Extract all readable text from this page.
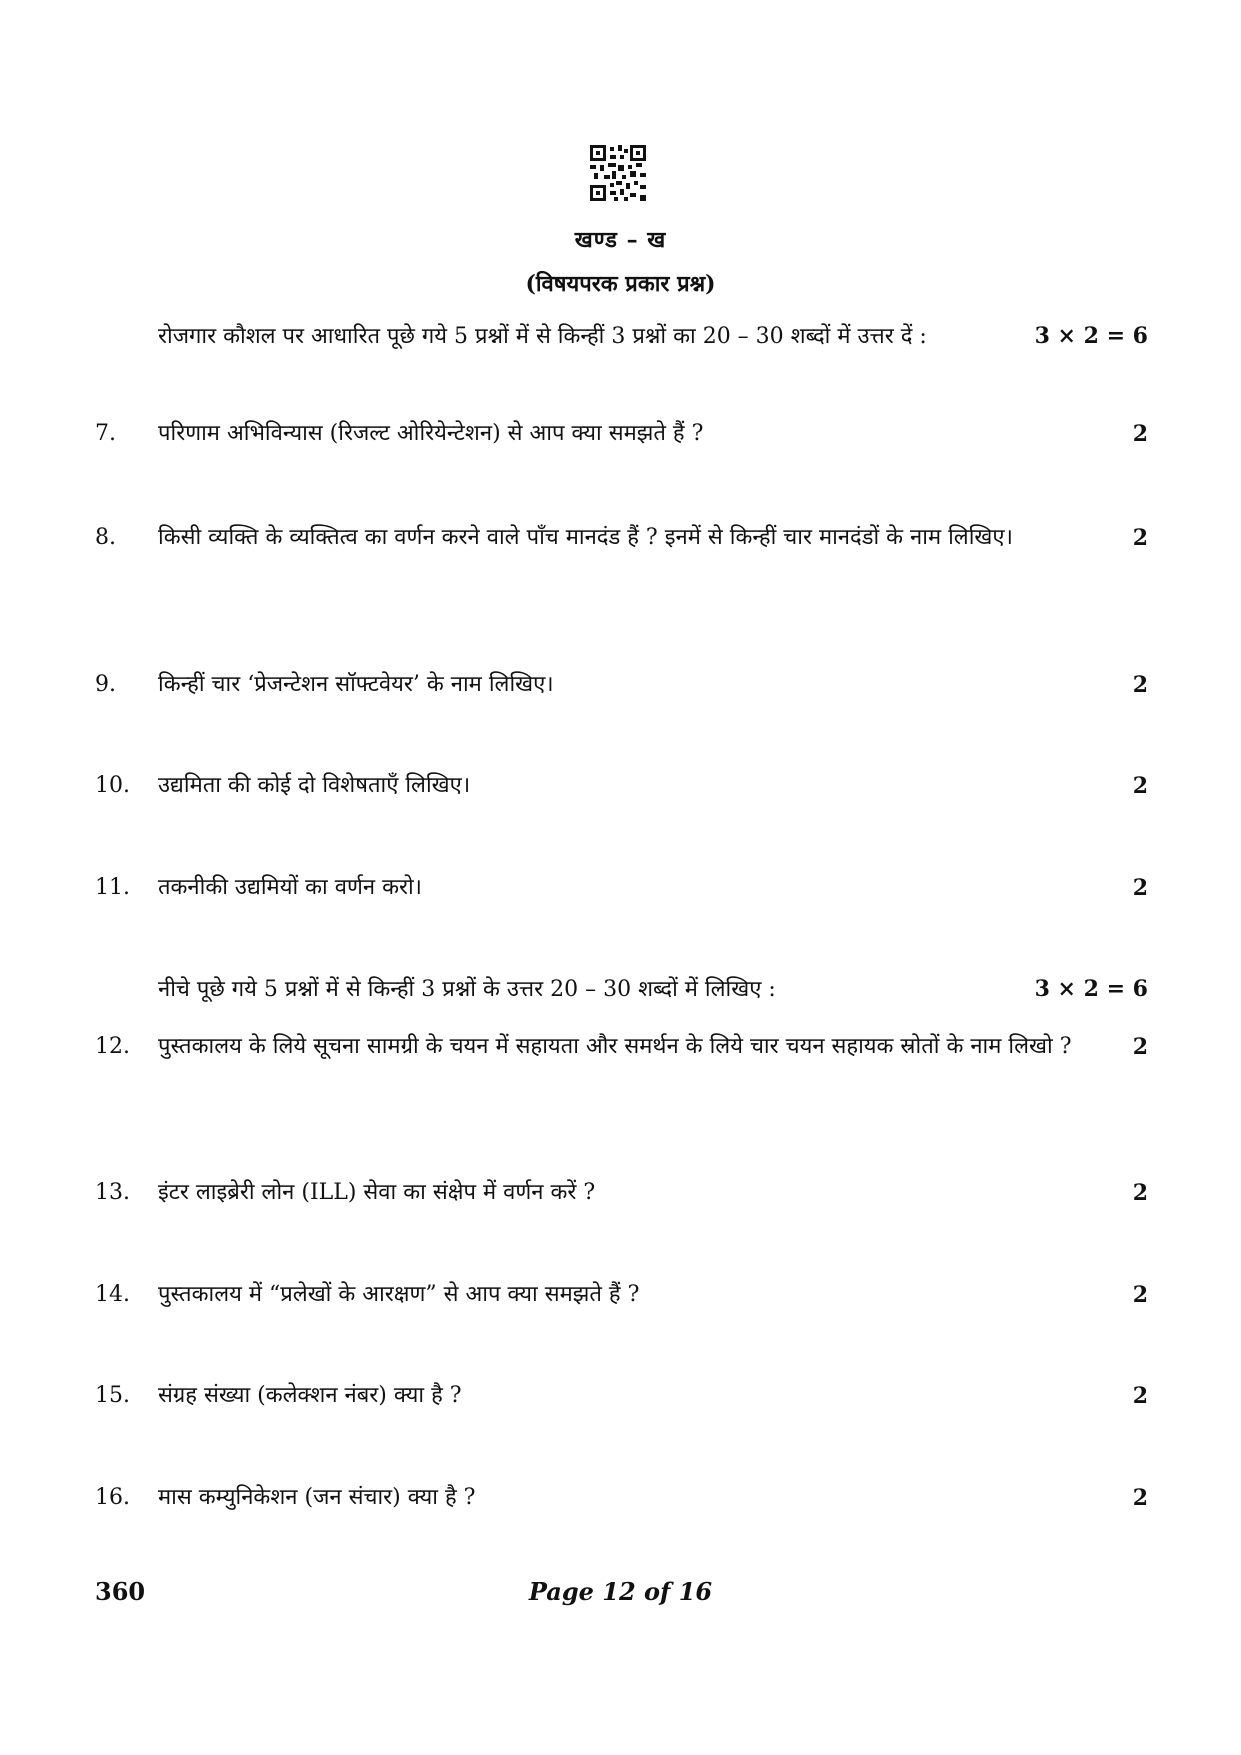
खण्ड – ख
(विषयपरक प्रकार प्रश्न)
रोजगार कौशल पर आधारित पूछे गये 5 प्रश्नों में से किन्हीं 3 प्रश्नों का 20 – 30 शब्दों में उत्तर दें :	3 × 2 = 6
7.	परिणाम अभिविन्यास (रिजल्ट ओरियेन्टेशन) से आप क्या समझते हैं ?	2
8.	किसी व्यक्ति के व्यक्तित्व का वर्णन करने वाले पाँच मानदंड हैं ? इनमें से किन्हीं चार मानदंडों के नाम लिखिए।	2
9.	किन्हीं चार ‘प्रेजन्टेशन सॉफ्टवेयर’ के नाम लिखिए।	2
10.	उद्यमिता की कोई दो विशेषताएँ लिखिए।	2
11.	तकनीकी उद्यमियों का वर्णन करो।	2
नीचे पूछे गये 5 प्रश्नों में से किन्हीं 3 प्रश्नों के उत्तर 20 – 30 शब्दों में लिखिए :	3 × 2 = 6
12.	पुस्तकालय के लिये सूचना सामग्री के चयन में सहायता और समर्थन के लिये चार चयन सहायक स्रोतों के नाम लिखो ?	2
13.	इंटर लाइब्रेरी लोन (ILL) सेवा का संक्षेप में वर्णन करें ?	2
14.	पुस्तकालय में “प्रलेखों के आरक्षण” से आप क्या समझते हैं ?	2
15.	संग्रह संख्या (कलेक्शन नंबर) क्या है ?	2
16.	मास कम्युनिकेशन (जन संचार) क्या है ?	2
360	Page 12 of 16
